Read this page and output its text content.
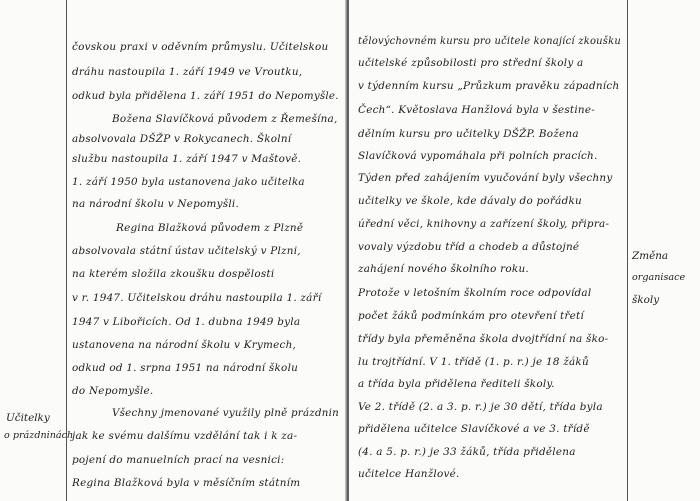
čovskou praxi v oděvním průmyslu. Učitelskou
dráhu nastoupila 1. září 1949 ve Vroutku,
odkud byla přidělena 1. září 1951 do Nepomyšle.
Božena Slavíčková původem z Řemešína,
absolvovala DŠŽP v Rokycanech. Školní
službu nastoupila 1. září 1947 v Maštově.
1. září 1950 byla ustanovena jako učitelka
na národní školu v Nepomyšli.
Regina Blažková původem z Plzně
absolvovala státní ústav učitelský v Plzni,
na kterém složila zkoušku dospělosti
v r. 1947. Učitelskou dráhu nastoupila 1. září
1947 v Libořicích. Od 1. dubna 1949 byla
ustanovena na národní školu v Krymech,
odkud od 1. srpna 1951 na národní školu
do Nepomyšle.
Všechny jmenované využily plně prázdnin
jak ke svému dalšímu vzdělání tak i k za-
pojení do manuelních prací na vesnici:
Regina Blažková byla v měsíčním státním
Učitelky
o prázdninách
tělovýchovném kursu pro učitele konající zkoušku
učitelské způsobilosti pro střední školy a
v týdenním kursu „Průzkum pravěku západních
Čech“. Květoslava Hanžlová byla v šestine-
dělním kursu pro učitelky DŠŽP. Božena
Slavíčková vypomáhala při polních pracích.
Týden před zahájením vyučování byly všechny
učitelky ve škole, kde dávaly do pořádku
úřední věci, knihovny a zařízení školy, připra-
vovaly výzdobu tříd a chodeb a důstojné
zahájení nového školního roku.
Protože v letošním školním roce odpovídal
počet žáků podmínkám pro otevření třetí
třídy byla přeměněna škola dvojtřídní na ško-
lu trojtřídní. V 1. třídě (1. p. r.) je 18 žáků
a třída byla přidělena řediteli školy.
Ve 2. třídě (2. a 3. p. r.) je 30 dětí, třída byla
přidělena učitelce Slavíčkové a ve 3. třídě
(4. a 5. p. r.) je 33 žáků, třída přidělena
učitelce Hanžlové.
Změna
organisace
školy
